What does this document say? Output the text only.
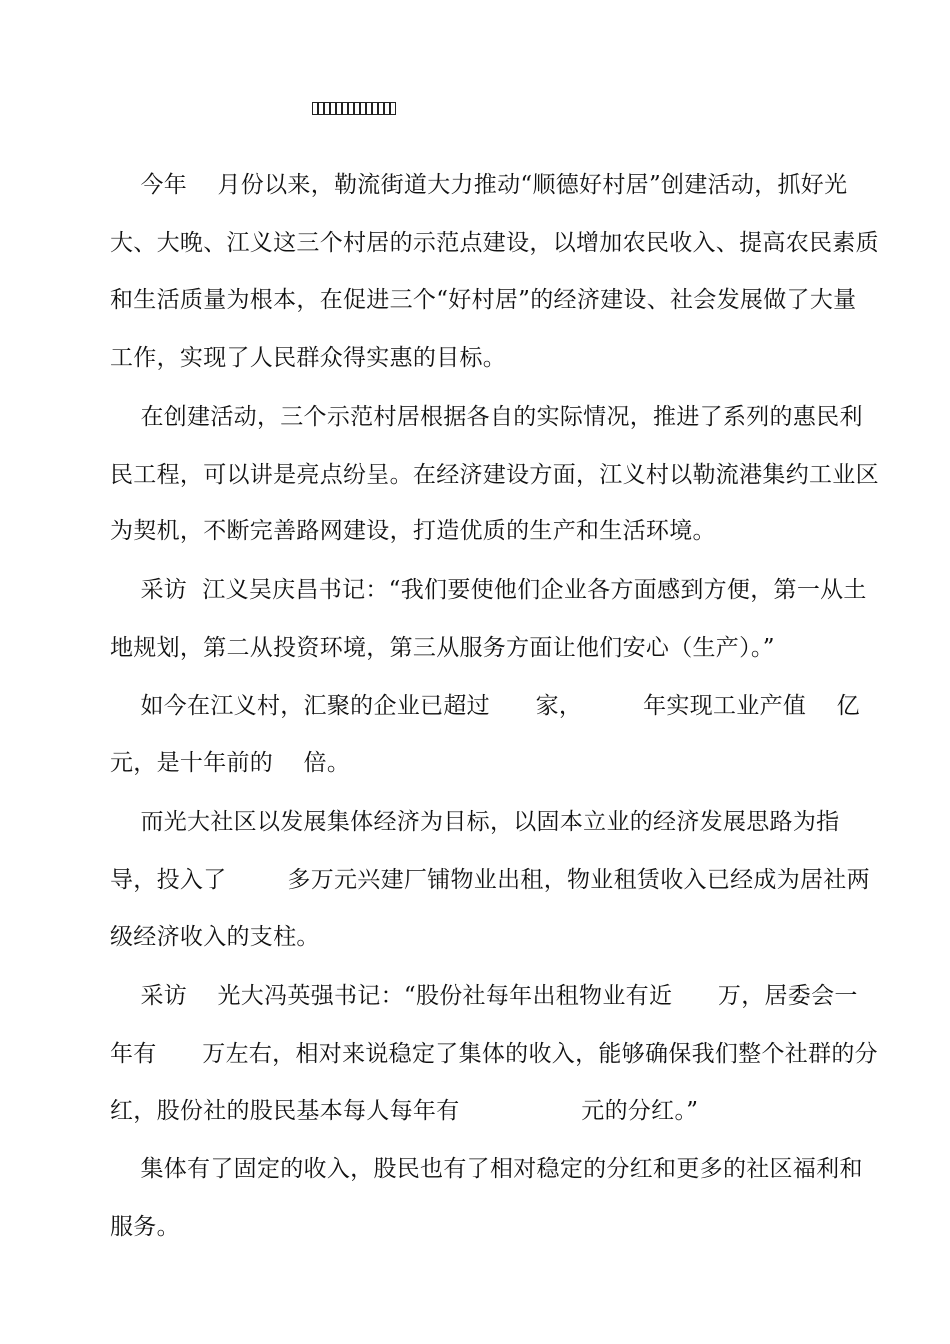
今年    月份以来，勒流街道大力推动“顺德好村居”创建活动，抓好光
大、大晚、江义这三个村居的示范点建设，以增加农民收入、提高农民素质
和生活质量为根本，在促进三个“好村居”的经济建设、社会发展做了大量
工作，实现了人民群众得实惠的目标。
在创建活动，三个示范村居根据各自的实际情况，推进了系列的惠民利
民工程，可以讲是亮点纷呈。在经济建设方面，江义村以勒流港集约工业区
为契机，不断完善路网建设，打造优质的生产和生活环境。
采访  江义吴庆昌书记：“我们要使他们企业各方面感到方便，第一从土
地规划，第二从投资环境，第三从服务方面让他们安心（生产）。”
如今在江义村，汇聚的企业已超过      家，        年实现工业产值    亿
元，是十年前的    倍。
而光大社区以发展集体经济为目标，以固本立业的经济发展思路为指
导，投入了        多万元兴建厂铺物业出租，物业租赁收入已经成为居社两
级经济收入的支柱。
采访    光大冯英强书记：“股份社每年出租物业有近      万，居委会一
年有      万左右，相对来说稳定了集体的收入，能够确保我们整个社群的分
红，股份社的股民基本每人每年有                元的分红。”
集体有了固定的收入，股民也有了相对稳定的分红和更多的社区福利和
服务。
